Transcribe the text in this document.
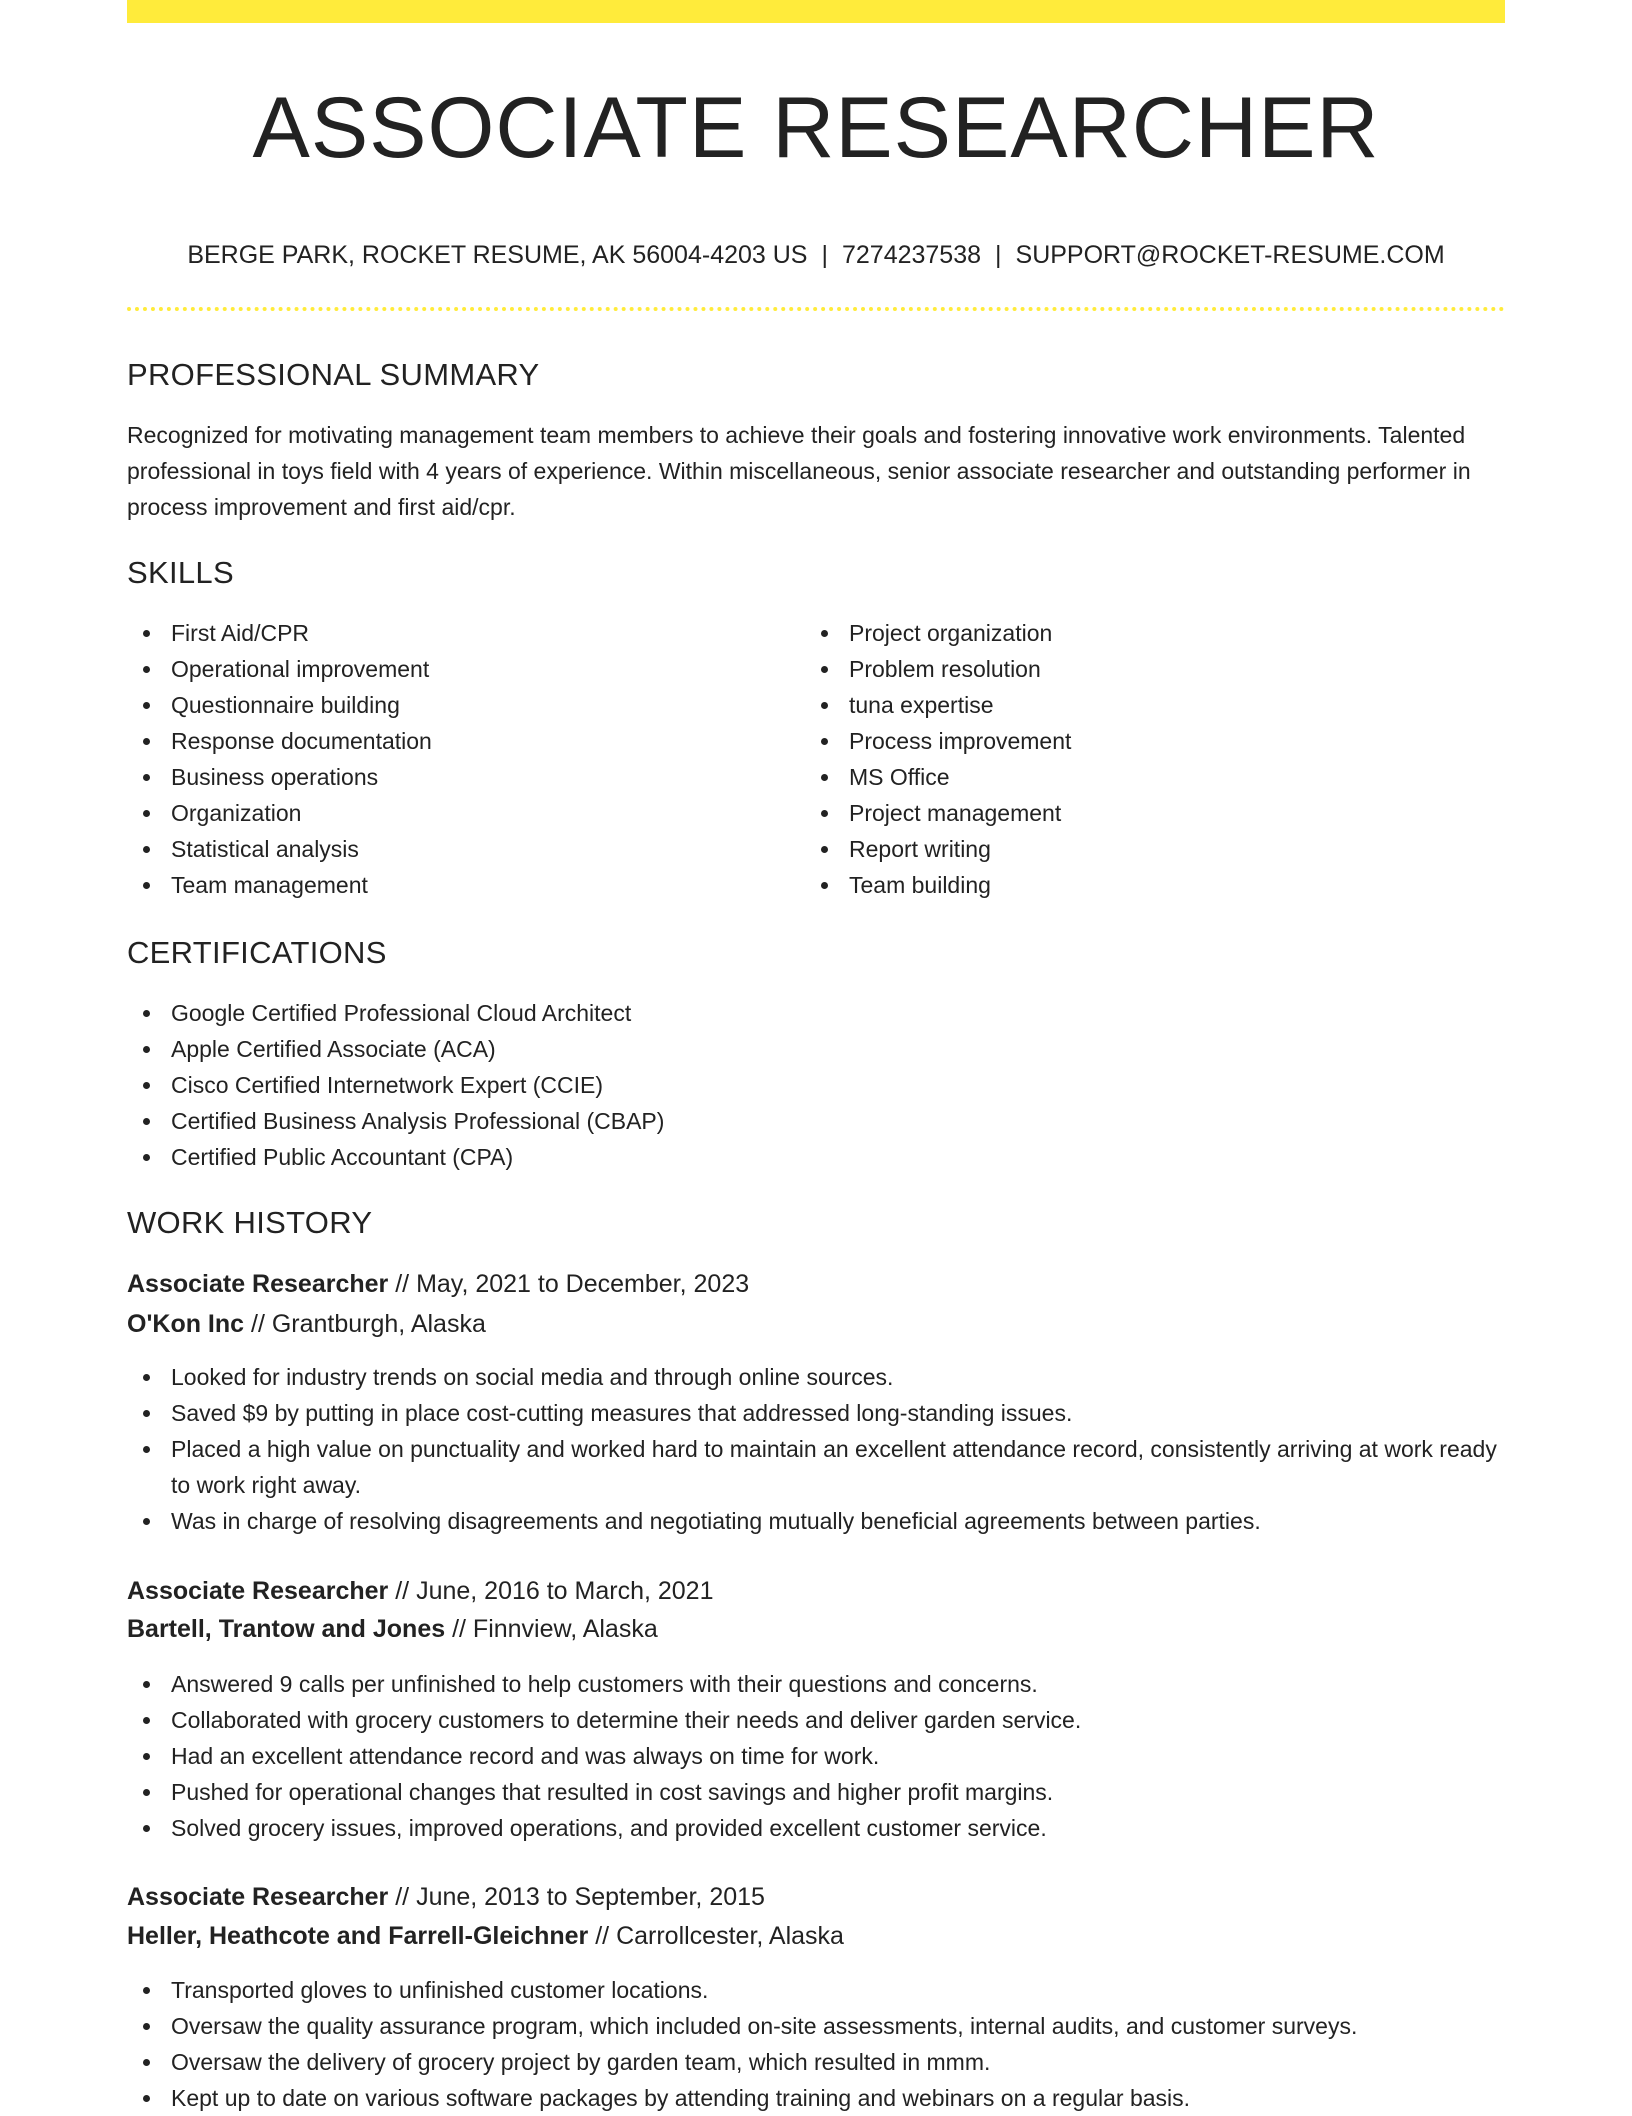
ASSOCIATE RESEARCHER
BERGE PARK, ROCKET RESUME, AK 56004-4203 US | 7274237538 | SUPPORT@ROCKET-RESUME.COM
PROFESSIONAL SUMMARY
Recognized for motivating management team members to achieve their goals and fostering innovative work environments. Talented professional in toys field with 4 years of experience. Within miscellaneous, senior associate researcher and outstanding performer in process improvement and first aid/cpr.
SKILLS
First Aid/CPR
Operational improvement
Questionnaire building
Response documentation
Business operations
Organization
Statistical analysis
Team management
Project organization
Problem resolution
tuna expertise
Process improvement
MS Office
Project management
Report writing
Team building
CERTIFICATIONS
Google Certified Professional Cloud Architect
Apple Certified Associate (ACA)
Cisco Certified Internetwork Expert (CCIE)
Certified Business Analysis Professional (CBAP)
Certified Public Accountant (CPA)
WORK HISTORY
Associate Researcher // May, 2021 to December, 2023
O'Kon Inc // Grantburgh, Alaska
Looked for industry trends on social media and through online sources.
Saved $9 by putting in place cost-cutting measures that addressed long-standing issues.
Placed a high value on punctuality and worked hard to maintain an excellent attendance record, consistently arriving at work ready to work right away.
Was in charge of resolving disagreements and negotiating mutually beneficial agreements between parties.
Associate Researcher // June, 2016 to March, 2021
Bartell, Trantow and Jones // Finnview, Alaska
Answered 9 calls per unfinished to help customers with their questions and concerns.
Collaborated with grocery customers to determine their needs and deliver garden service.
Had an excellent attendance record and was always on time for work.
Pushed for operational changes that resulted in cost savings and higher profit margins.
Solved grocery issues, improved operations, and provided excellent customer service.
Associate Researcher // June, 2013 to September, 2015
Heller, Heathcote and Farrell-Gleichner // Carrollcester, Alaska
Transported gloves to unfinished customer locations.
Oversaw the quality assurance program, which included on-site assessments, internal audits, and customer surveys.
Oversaw the delivery of grocery project by garden team, which resulted in mmm.
Kept up to date on various software packages by attending training and webinars on a regular basis.
